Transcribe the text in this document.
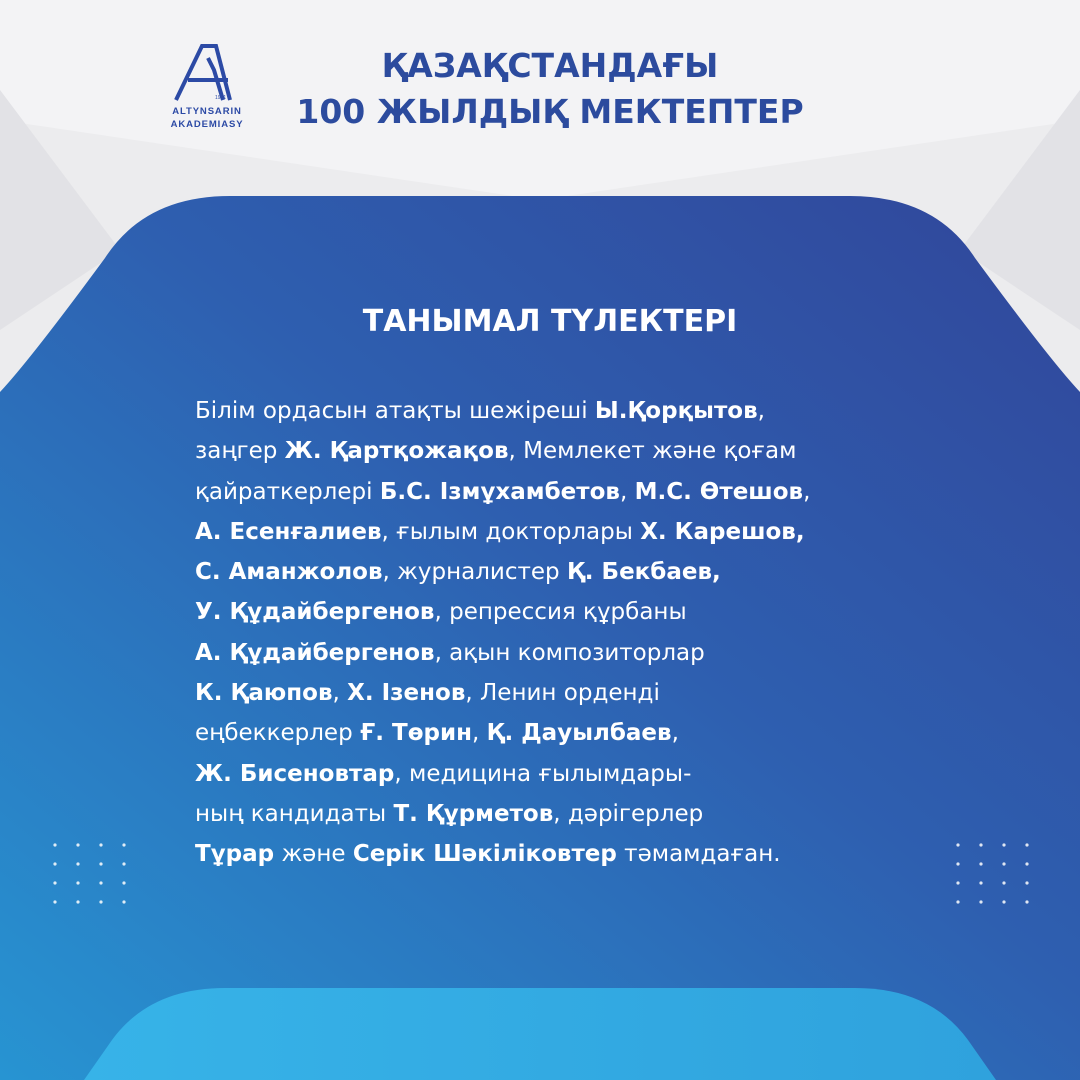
1921
ALTYNSARIN
AKADEMIASY
ҚАЗАҚСТАНДАҒЫ
100 ЖЫЛДЫҚ МЕКТЕПТЕР
ТАНЫМАЛ ТҮЛЕКТЕРІ
Білім ордасын атақты шежіреші Ы.Қорқытов,
заңгер Ж. Қартқожақов, Мемлекет және қоғам
қайраткерлері Б.С. Ізмұхамбетов, М.С. Өтешов,
А. Есенғалиев, ғылым докторлары Х. Карешов,
С. Аманжолов, журналистер Қ. Бекбаев,
У. Құдайбергенов, репрессия құрбаны
А. Құдайбергенов, ақын композиторлар
К. Қаюпов, Х. Ізенов, Ленин орденді
еңбеккерлер Ғ. Төрин, Қ. Дауылбаев,
Ж. Бисеновтар, медицина ғылымдары-
ның кандидаты Т. Құрметов, дәрігерлер
Тұрар және Серік Шәкіліковтер тәмамдаған.
